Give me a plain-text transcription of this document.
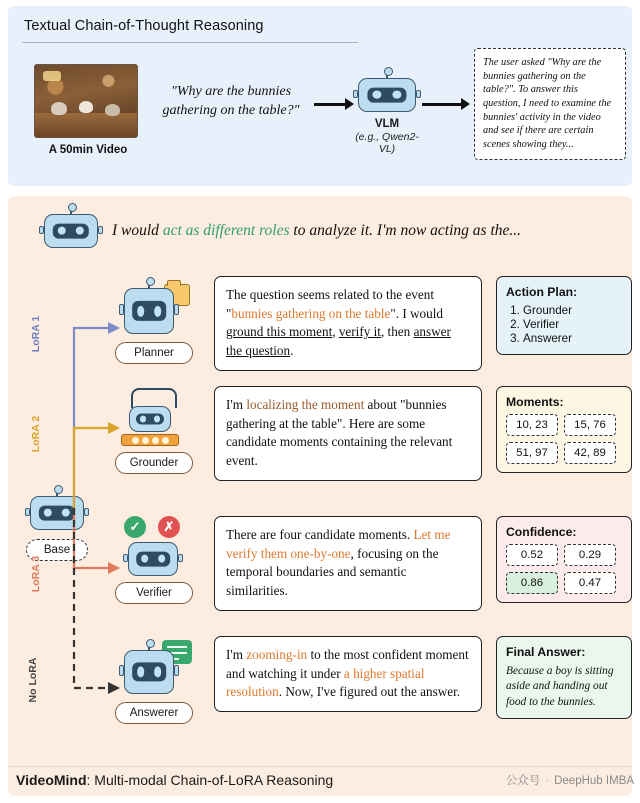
Textual Chain-of-Thought Reasoning
A 50min Video
"Why are the bunnies gathering on the table?"
VLM
(e.g., Qwen2-VL)
The user asked "Why are the bunnies gathering on the table?". To answer this question, I need to examine the bunnies' activity in the video and see if there are certain scenes showing they...
I would act as different roles to analyze it. I'm now acting as the...
Base
LoRA 1
LoRA 2
LoRA 3
No LoRA
Planner
The question seems related to the event "bunnies gathering on the table". I would ground this moment, verify it, then answer the question.
Action Plan:
1. Grounder
2. Verifier
3. Answerer
Grounder
I'm localizing the moment about "bunnies gathering at the table". Here are some candidate moments containing the relevant event.
Moments:
10, 23	15, 76
51, 97	42, 89
✓	✗
Verifier
There are four candidate moments. Let me verify them one-by-one, focusing on the temporal boundaries and semantic similarities.
Confidence:
0.52	0.29
0.86	0.47
Answerer
I'm zooming-in to the most confident moment and watching it under a higher spatial resolution. Now, I've figured out the answer.
Final Answer:
Because a boy is sitting aside and handing out food to the bunnies.
VideoMind: Multi-modal Chain-of-LoRA Reasoning	公众号 · DeepHub IMBA
